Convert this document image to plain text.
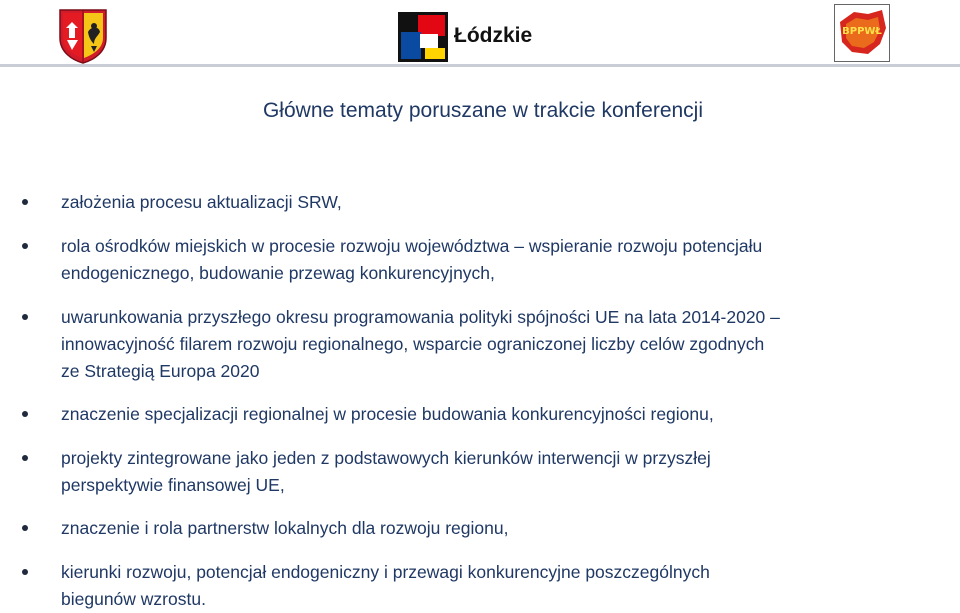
Łódzkie	BPPWŁ
Główne tematy poruszane w trakcie konferencji
założenia procesu aktualizacji SRW,
rola ośrodków miejskich w procesie rozwoju województwa – wspieranie rozwoju potencjału
endogenicznego, budowanie przewag konkurencyjnych,
uwarunkowania przyszłego okresu programowania polityki spójności UE na lata 2014-2020 –
innowacyjność filarem rozwoju regionalnego, wsparcie ograniczonej liczby celów zgodnych
ze Strategią Europa 2020
znaczenie specjalizacji regionalnej w procesie budowania konkurencyjności regionu,
projekty zintegrowane jako jeden z podstawowych kierunków interwencji w przyszłej
perspektywie finansowej UE,
znaczenie i rola partnerstw lokalnych dla rozwoju regionu,
kierunki rozwoju, potencjał endogeniczny i przewagi konkurencyjne poszczególnych
biegunów wzrostu.
